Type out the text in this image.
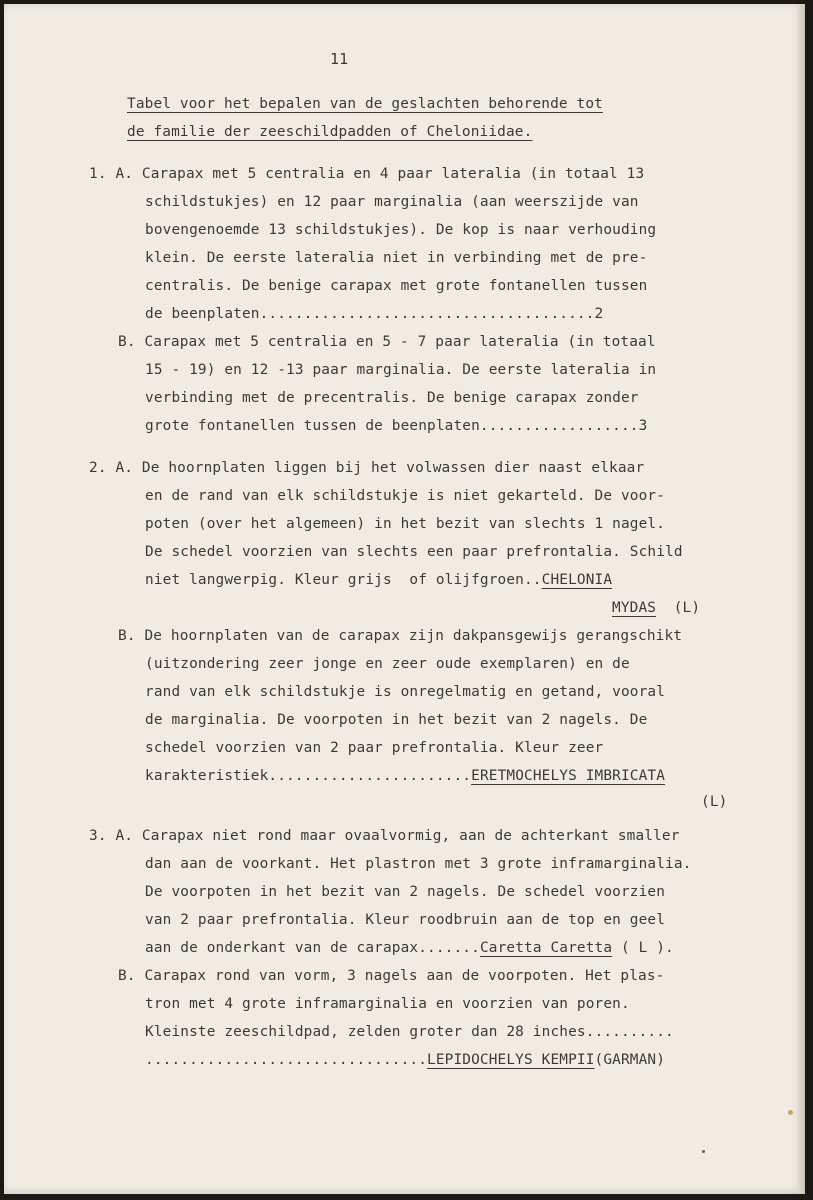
11
Tabel voor het bepalen van de geslachten behorende tot
de familie der zeeschildpadden of Cheloniidae.
1. A. Carapax met 5 centralia en 4 paar lateralia (in totaal 13
schildstukjes) en 12 paar marginalia (aan weerszijde van
bovengenoemde 13 schildstukjes). De kop is naar verhouding
klein. De eerste lateralia niet in verbinding met de pre-
centralis. De benige carapax met grote fontanellen tussen
de beenplaten......................................2
B. Carapax met 5 centralia en 5 - 7 paar lateralia (in totaal
15 - 19) en 12 -13 paar marginalia. De eerste lateralia in
verbinding met de precentralis. De benige carapax zonder
grote fontanellen tussen de beenplaten..................3
2. A. De hoornplaten liggen bij het volwassen dier naast elkaar
en de rand van elk schildstukje is niet gekarteld. De voor-
poten (over het algemeen) in het bezit van slechts 1 nagel.
De schedel voorzien van slechts een paar prefrontalia. Schild
niet langwerpig. Kleur grijs  of olijfgroen..CHELONIA
MYDAS  (L)
B. De hoornplaten van de carapax zijn dakpansgewijs gerangschikt
(uitzondering zeer jonge en zeer oude exemplaren) en de
rand van elk schildstukje is onregelmatig en getand, vooral
de marginalia. De voorpoten in het bezit van 2 nagels. De
schedel voorzien van 2 paar prefrontalia. Kleur zeer
karakteristiek.......................ERETMOCHELYS IMBRICATA
(L)
3. A. Carapax niet rond maar ovaalvormig, aan de achterkant smaller
dan aan de voorkant. Het plastron met 3 grote inframarginalia.
De voorpoten in het bezit van 2 nagels. De schedel voorzien
van 2 paar prefrontalia. Kleur roodbruin aan de top en geel
aan de onderkant van de carapax.......Caretta Caretta ( L ).
B. Carapax rond van vorm, 3 nagels aan de voorpoten. Het plas-
tron met 4 grote inframarginalia en voorzien van poren.
Kleinste zeeschildpad, zelden groter dan 28 inches..........
................................LEPIDOCHELYS KEMPII(GARMAN)
